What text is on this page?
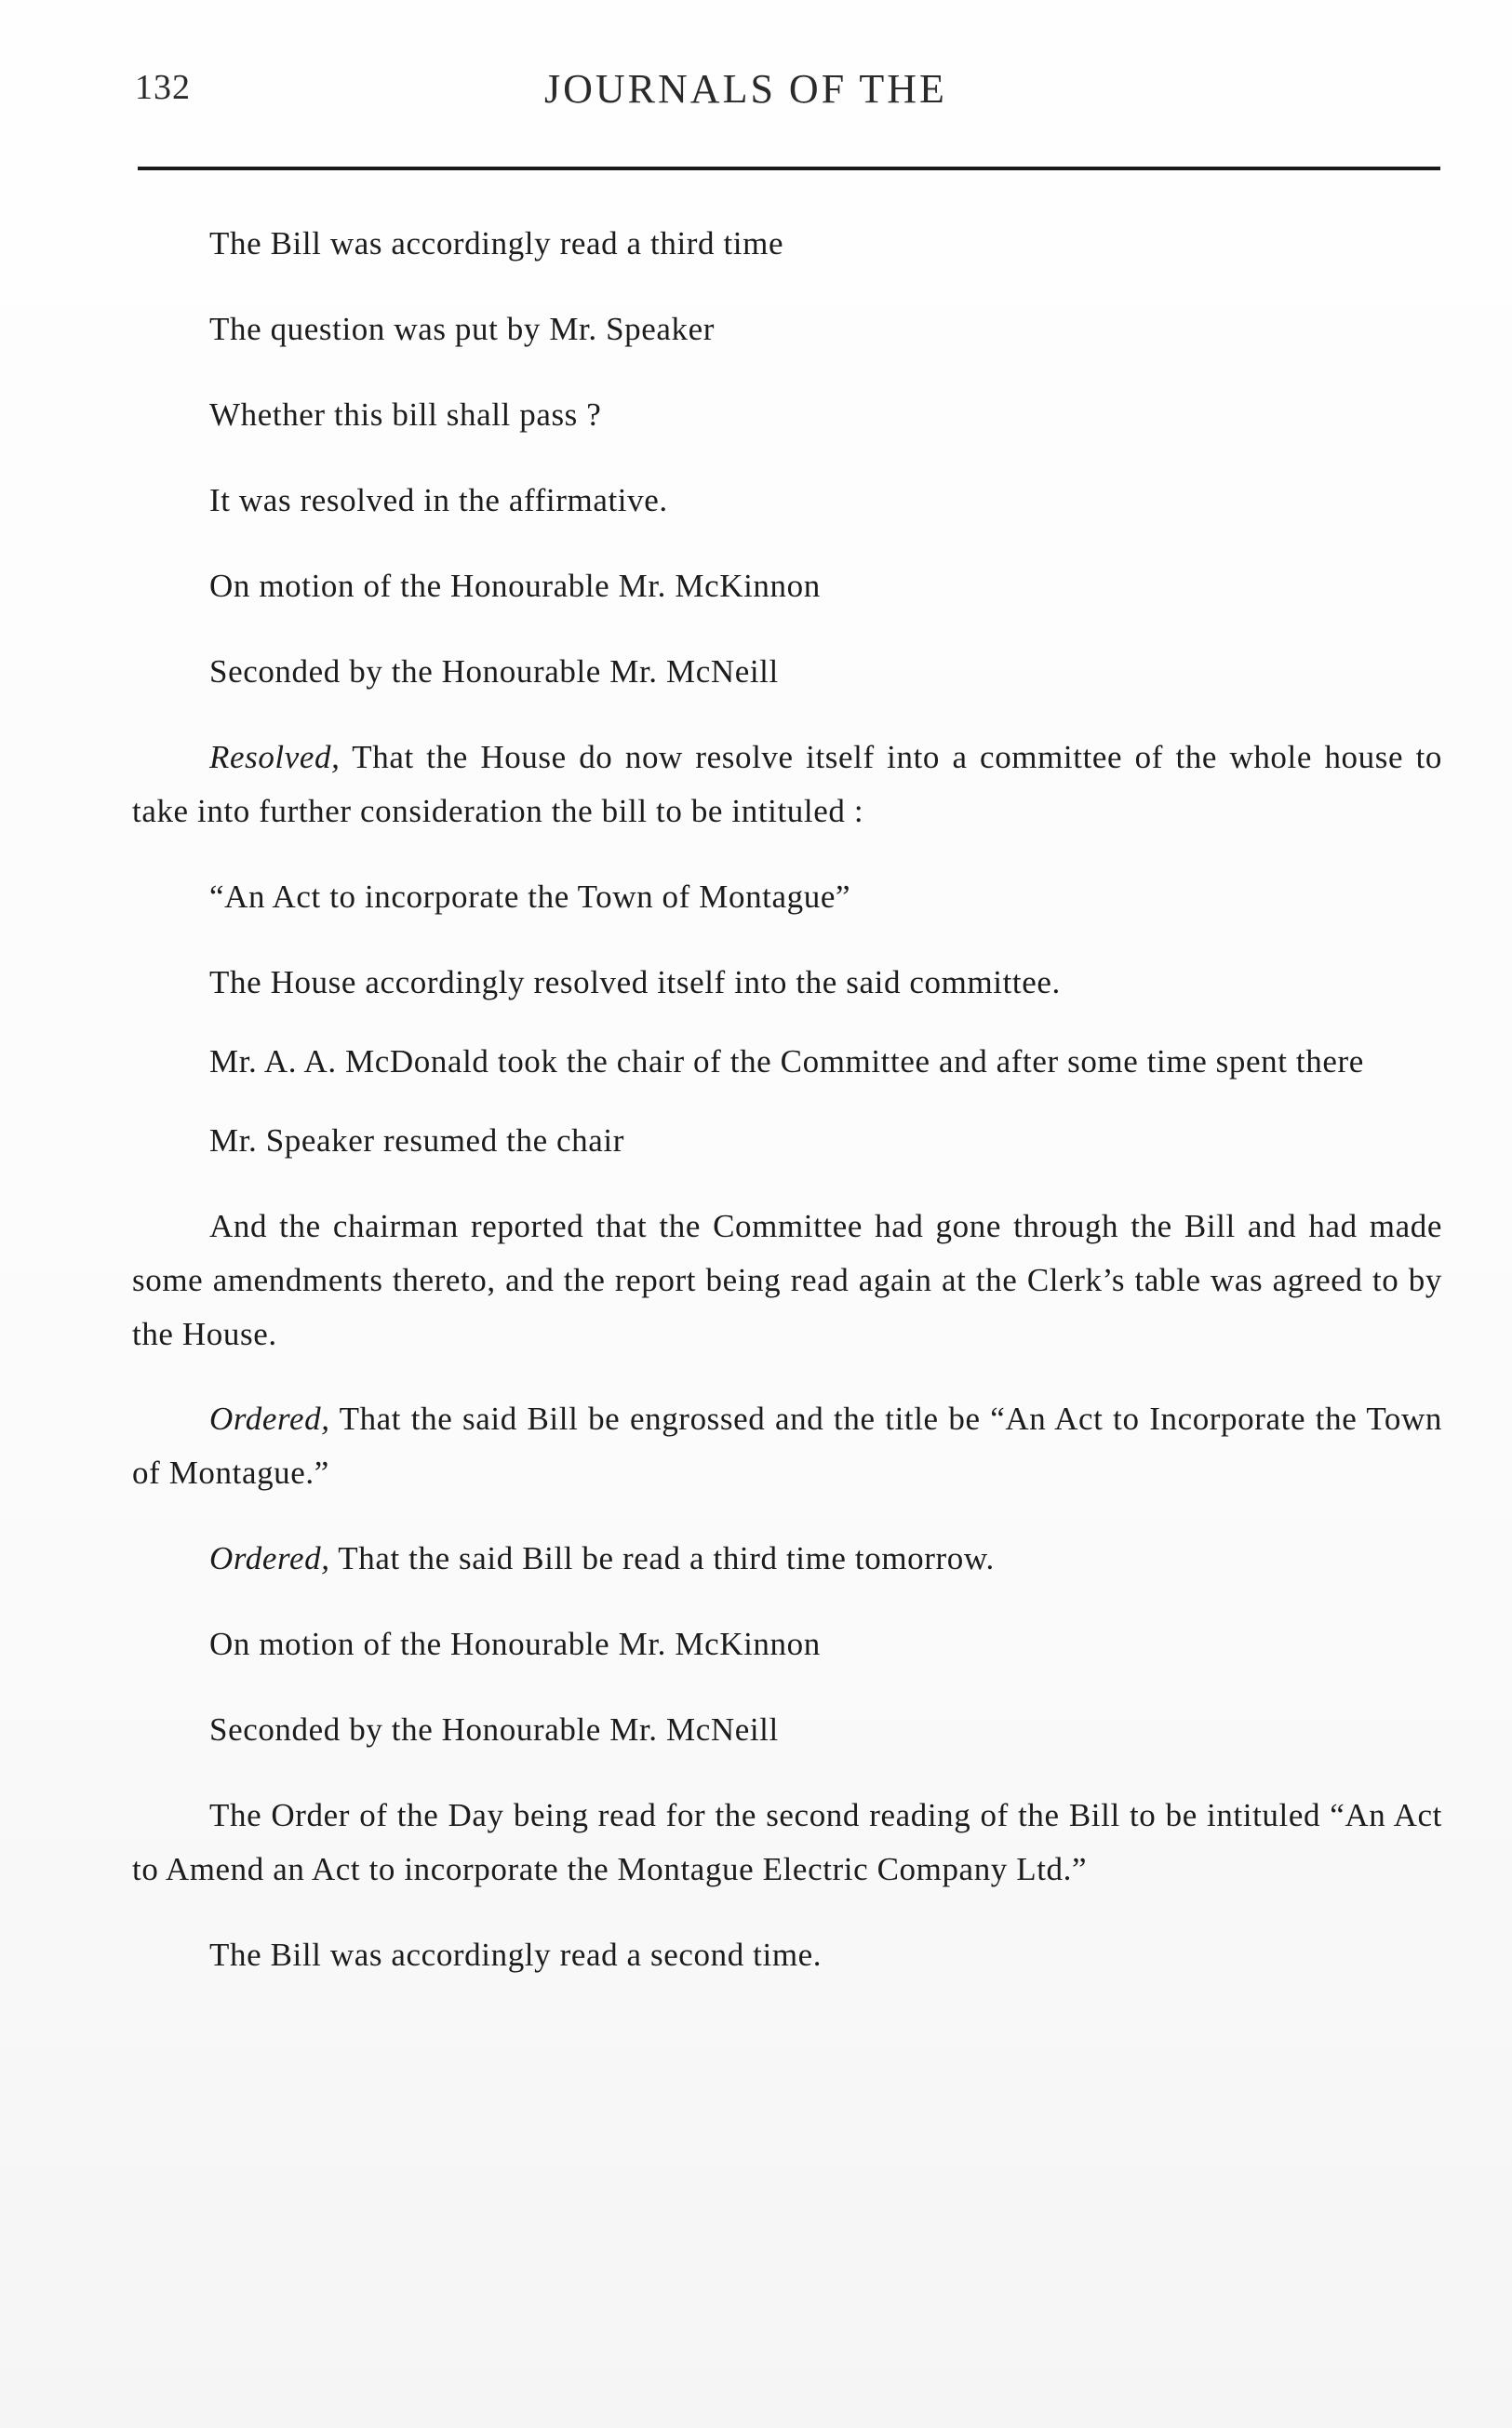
132	JOURNALS OF THE

The Bill was accordingly read a third time

The question was put by Mr. Speaker

Whether this bill shall pass ?

It was resolved in the affirmative.

On motion of the Honourable Mr. McKinnon

Seconded by the Honourable Mr. McNeill

Resolved, That the House do now resolve itself into a committee of the whole house to take into further consideration the bill to be intituled :

“An Act to incorporate the Town of Montague”

The House accordingly resolved itself into the said committee.

Mr. A. A. McDonald took the chair of the Committee and after some time spent there

Mr. Speaker resumed the chair

And the chairman reported that the Committee had gone through the Bill and had made some amendments thereto, and the report being read again at the Clerk’s table was agreed to by the House.

Ordered, That the said Bill be engrossed and the title be “An Act to Incorporate the Town of Montague.”

Ordered, That the said Bill be read a third time tomorrow.

On motion of the Honourable Mr. McKinnon

Seconded by the Honourable Mr. McNeill

The Order of the Day being read for the second reading of the Bill to be intituled “An Act to Amend an Act to incorporate the Montague Electric Company Ltd.”

The Bill was accordingly read a second time.
